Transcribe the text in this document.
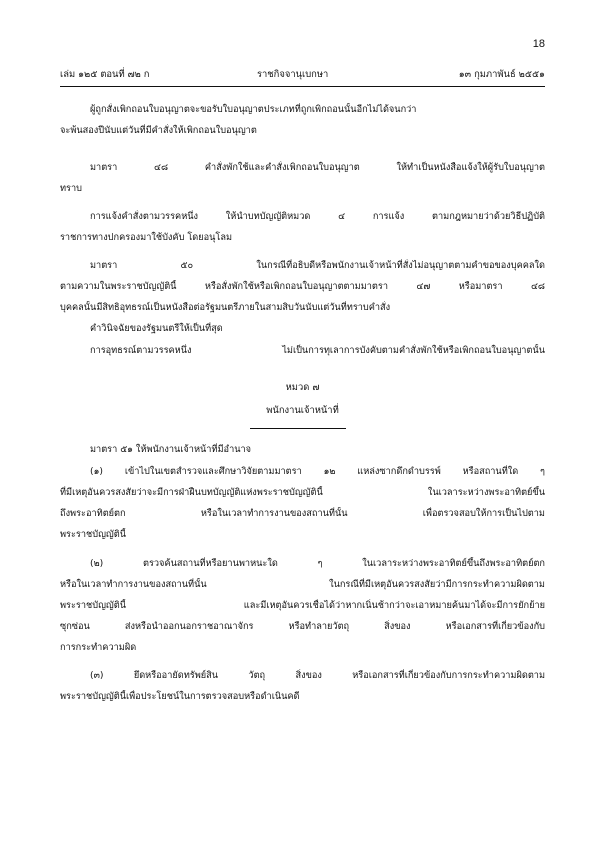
18
เล่ม ๑๒๕ ตอนที่ ๗๒ ก	ราชกิจจานุเบกษา	๑๓ กุมภาพันธ์ ๒๕๕๑
ผู้ถูกสั่งเพิกถอนใบอนุญาตจะขอรับใบอนุญาตประเภทที่ถูกเพิกถอนนั้นอีกไม่ได้จนกว่า
จะพ้นสองปีนับแต่วันที่มีคำสั่งให้เพิกถอนใบอนุญาต
มาตรา ๔๘ คำสั่งพักใช้และคำสั่งเพิกถอนใบอนุญาต ให้ทำเป็นหนังสือแจ้งให้ผู้รับใบอนุญาต
ทราบ
การแจ้งคำสั่งตามวรรคหนึ่ง ให้นำบทบัญญัติหมวด ๔ การแจ้ง ตามกฎหมายว่าด้วยวิธีปฏิบัติ
ราชการทางปกครองมาใช้บังคับ โดยอนุโลม
มาตรา ๕๐ ในกรณีที่อธิบดีหรือพนักงานเจ้าหน้าที่สั่งไม่อนุญาตตามคำขอของบุคคลใด
ตามความในพระราชบัญญัตินี้ หรือสั่งพักใช้หรือเพิกถอนใบอนุญาตตามมาตรา ๔๗ หรือมาตรา ๔๘
บุคคลนั้นมีสิทธิอุทธรณ์เป็นหนังสือต่อรัฐมนตรีภายในสามสิบวันนับแต่วันที่ทราบคำสั่ง
คำวินิจฉัยของรัฐมนตรีให้เป็นที่สุด
การอุทธรณ์ตามวรรคหนึ่ง ไม่เป็นการทุเลาการบังคับตามคำสั่งพักใช้หรือเพิกถอนใบอนุญาตนั้น
หมวด ๗
พนักงานเจ้าหน้าที่
มาตรา ๕๑ ให้พนักงานเจ้าหน้าที่มีอำนาจ
(๑) เข้าไปในเขตสำรวจและศึกษาวิจัยตามมาตรา ๑๒ แหล่งซากดึกดำบรรพ์ หรือสถานที่ใด ๆ
ที่มีเหตุอันควรสงสัยว่าจะมีการฝ่าฝืนบทบัญญัติแห่งพระราชบัญญัตินี้ ในเวลาระหว่างพระอาทิตย์ขึ้น
ถึงพระอาทิตย์ตก หรือในเวลาทำการงานของสถานที่นั้น เพื่อตรวจสอบให้การเป็นไปตาม
พระราชบัญญัตินี้
(๒) ตรวจค้นสถานที่หรือยานพาหนะใด ๆ ในเวลาระหว่างพระอาทิตย์ขึ้นถึงพระอาทิตย์ตก
หรือในเวลาทำการงานของสถานที่นั้น ในกรณีที่มีเหตุอันควรสงสัยว่ามีการกระทำความผิดตาม
พระราชบัญญัตินี้ และมีเหตุอันควรเชื่อได้ว่าหากเนิ่นช้ากว่าจะเอาหมายค้นมาได้จะมีการยักย้าย
ซุกซ่อน ส่งหรือนำออกนอกราชอาณาจักร หรือทำลายวัตถุ สิ่งของ หรือเอกสารที่เกี่ยวข้องกับ
การกระทำความผิด
(๓) ยึดหรืออายัดทรัพย์สิน วัตถุ สิ่งของ หรือเอกสารที่เกี่ยวข้องกับการกระทำความผิดตาม
พระราชบัญญัตินี้เพื่อประโยชน์ในการตรวจสอบหรือดำเนินคดี
